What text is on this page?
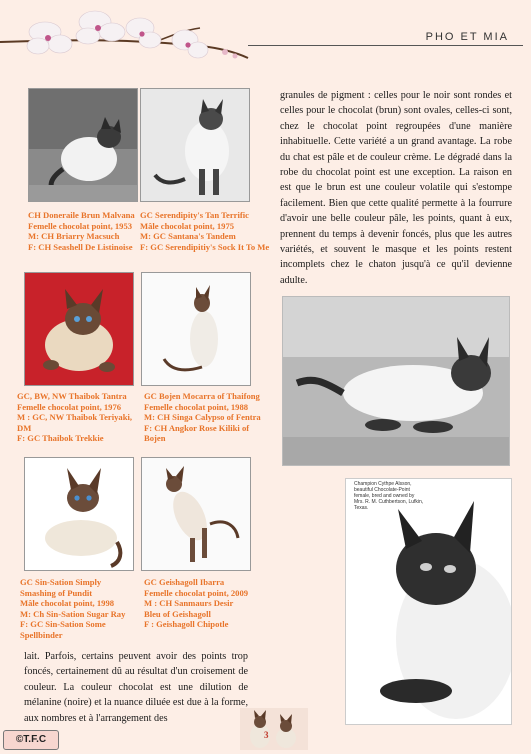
PHO ET MIA
CH Doneraile Brun Malvana
Femelle chocolat point, 1953
M: CH Briarry Macsuch
F: CH Seashell De Listinoise
GC Serendipity's Tan Terrific
Mâle chocolat point, 1975
M: GC Santana's Tandem
F: GC Serendipitiy's Sock It To Me
GC, BW, NW Thaibok Tantra
Femelle chocolat point, 1976
M : GC, NW Thaibok Teriyaki,
DM
F: GC Thaibok Trekkie
GC Bojen Mocarra of Thaifong
Femelle chocolat point, 1988
M: CH Singa Calypso of Fentra
F: CH Angkor Rose Kiliki of
Bojen
GC Sin-Sation Simply
Smashing of Pundit
Mâle chocolat point, 1998
M: Ch Sin-Sation Sugar Ray
F: GC Sin-Sation Some
Spellbinder
GC Geishagoll Ibarra
Femelle chocolat point, 2009
M : CH Sanmaurs Desir
Bleu of Geishagoll
F : Geishagoll Chipotle
granules de pigment : celles pour le noir sont rondes et celles pour le chocolat (brun) sont ovales, celles-ci sont, chez le chocolat point regroupées d'une manière inhabituelle. Cette variété a un grand avantage. La robe du chat est pâle et de couleur crème. Le dégradé dans la robe du chocolat point est une exception. La raison en est que le brun est une couleur volatile qui s'estompe facilement. Bien que cette qualité permette à la fourrure d'avoir une belle couleur pâle, les points, quant à eux, prennent du temps à devenir foncés, plus que les autres variétés, et souvent le masque et les points restent incomplets chez le chaton jusqu'à ce qu'il devienne adulte.
Champion Cythpe Alsson, beautiful Chocolate-Point female, bred and owned by Mrs. R. M. Cuthbertson, Lufkin, Texas.
lait. Parfois, certains peuvent avoir des points trop foncés, certainement dû au résultat d'un croisement de couleur. La couleur chocolat est une dilution de mélanine (noire) et la nuance diluée est due à la forme, aux nombres et à l'arrangement des
©T.F.C	3
